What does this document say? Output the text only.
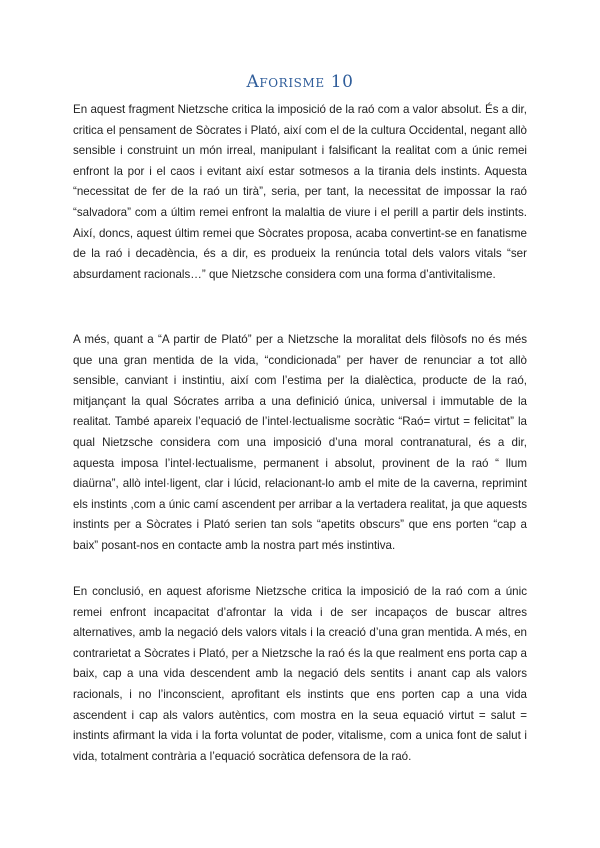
Aforisme 10

En aquest fragment Nietzsche critica la imposició de la raó com a valor absolut. És a dir, critica el pensament de Sòcrates i Plató, així com el de la cultura Occidental, negant allò sensible i construint un món irreal, manipulant i falsificant la realitat com a únic remei enfront la por i el caos i evitant així estar sotmesos a la tirania dels instints. Aquesta “necessitat de fer de la raó un tirà”, seria, per tant, la necessitat de impossar la raó “salvadora” com a últim remei enfront la malaltia de viure i el perill a partir dels instints. Així, doncs, aquest últim remei que Sòcrates proposa, acaba convertint-se en fanatisme de la raó i decadència, és a dir, es produeix la renúncia total dels valors vitals “ser absurdament racionals…” que Nietzsche considera com una forma d’antivitalisme.

A més, quant a “A partir de Plató” per a Nietzsche la moralitat dels filòsofs no és més que una gran mentida de la vida, “condicionada” per haver de renunciar a tot allò sensible, canviant i instintiu, així com l’estima per la dialèctica, producte de la raó, mitjançant la qual Sócrates arriba a una definició única, universal i immutable de la realitat. També apareix l’equació de l’intel·lectualisme socràtic “Raó= virtut = felicitat” la qual Nietzsche considera com una imposició d’una moral contranatural, és a dir, aquesta imposa l’intel·lectualisme, permanent i absolut, provinent de la raó “ llum diaürna”, allò intel·ligent, clar i lúcid, relacionant-lo amb el mite de la caverna, reprimint els instints ,com a únic camí ascendent per arribar a la vertadera realitat, ja que aquests instints per a Sòcrates i Plató serien tan sols “apetits obscurs” que ens porten “cap a baix” posant-nos en contacte amb la nostra part més instintiva.

En conclusió, en aquest aforisme Nietzsche critica la imposició de la raó com a únic remei enfront incapacitat d’afrontar la vida i de ser incapaços de buscar altres alternatives, amb la negació dels valors vitals i la creació d’una gran mentida. A més, en contrarietat a Sòcrates i Plató, per a Nietzsche la raó és la que realment ens porta cap a baix, cap a una vida descendent amb la negació dels sentits i anant cap als valors racionals, i no l’inconscient, aprofitant els instints que ens porten cap a una vida ascendent i cap als valors autèntics, com mostra en la seua equació virtut = salut = instints afirmant la vida i la forta voluntat de poder, vitalisme, com a unica font de salut i vida, totalment contrària a l’equació socràtica defensora de la raó.
